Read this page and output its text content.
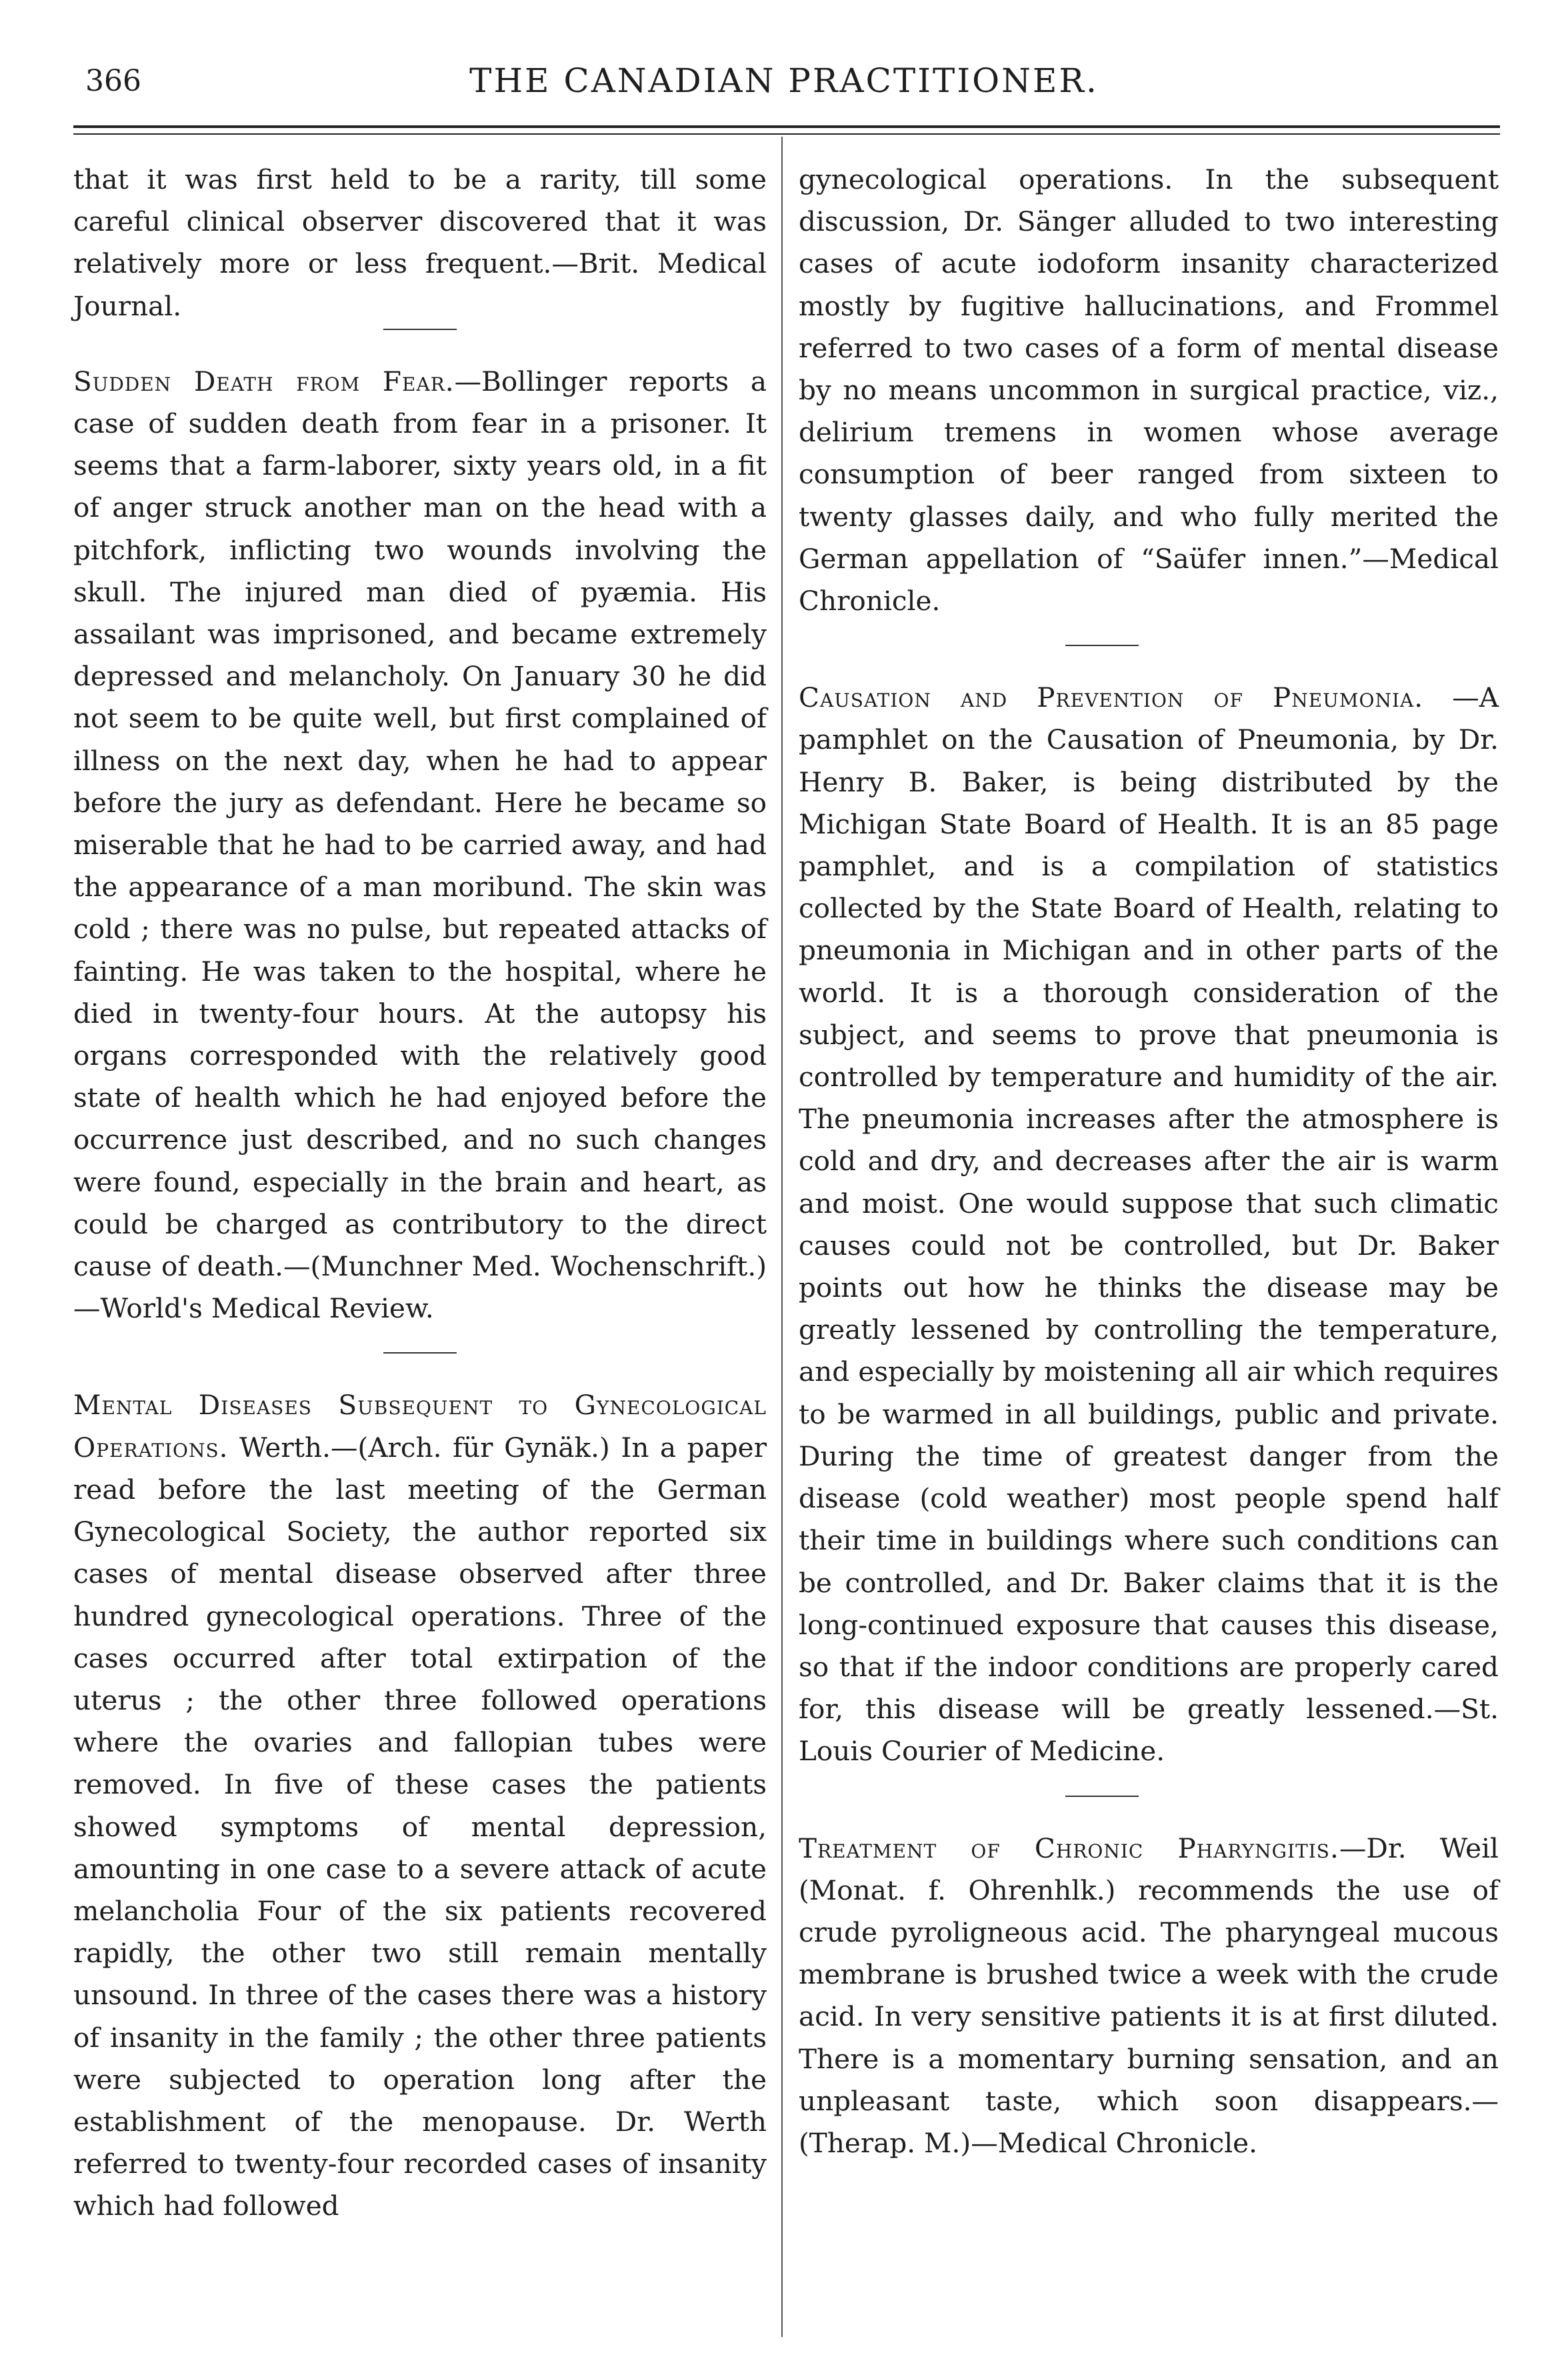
366	THE CANADIAN PRACTITIONER.

that it was first held to be a rarity, till some careful clinical observer discovered that it was relatively more or less frequent.—Brit. Medical Journal.

Sudden Death from Fear.—Bollinger reports a case of sudden death from fear in a prisoner. It seems that a farm-laborer, sixty years old, in a fit of anger struck another man on the head with a pitchfork, inflicting two wounds involving the skull. The injured man died of pyæmia. His assailant was imprisoned, and became extremely depressed and melancholy. On January 30 he did not seem to be quite well, but first complained of illness on the next day, when he had to appear before the jury as defendant. Here he became so miserable that he had to be carried away, and had the appearance of a man moribund. The skin was cold ; there was no pulse, but repeated attacks of fainting. He was taken to the hospital, where he died in twenty-four hours. At the autopsy his organs corresponded with the relatively good state of health which he had enjoyed before the occurrence just described, and no such changes were found, especially in the brain and heart, as could be charged as contributory to the direct cause of death.—(Munchner Med. Wochenschrift.)—World's Medical Review.

Mental Diseases Subsequent to Gynecological Operations. Werth.—(Arch. für Gynäk.) In a paper read before the last meeting of the German Gynecological Society, the author reported six cases of mental disease observed after three hundred gynecological operations. Three of the cases occurred after total extirpation of the uterus ; the other three followed operations where the ovaries and fallopian tubes were removed. In five of these cases the patients showed symptoms of mental depression, amounting in one case to a severe attack of acute melancholia Four of the six patients recovered rapidly, the other two still remain mentally unsound. In three of the cases there was a history of insanity in the family ; the other three patients were subjected to operation long after the establishment of the menopause. Dr. Werth referred to twenty-four recorded cases of insanity which had followed

gynecological operations. In the subsequent discussion, Dr. Sänger alluded to two interesting cases of acute iodoform insanity characterized mostly by fugitive hallucinations, and Frommel referred to two cases of a form of mental disease by no means uncommon in surgical practice, viz., delirium tremens in women whose average consumption of beer ranged from sixteen to twenty glasses daily, and who fully merited the German appellation of “Saüfer innen.”—Medical Chronicle.

Causation and Prevention of Pneumonia. —A pamphlet on the Causation of Pneumonia, by Dr. Henry B. Baker, is being distributed by the Michigan State Board of Health. It is an 85 page pamphlet, and is a compilation of statistics collected by the State Board of Health, relating to pneumonia in Michigan and in other parts of the world. It is a thorough consideration of the subject, and seems to prove that pneumonia is controlled by temperature and humidity of the air. The pneumonia increases after the atmosphere is cold and dry, and decreases after the air is warm and moist. One would suppose that such climatic causes could not be controlled, but Dr. Baker points out how he thinks the disease may be greatly lessened by controlling the temperature, and especially by moistening all air which requires to be warmed in all buildings, public and private. During the time of greatest danger from the disease (cold weather) most people spend half their time in buildings where such conditions can be controlled, and Dr. Baker claims that it is the long-continued exposure that causes this disease, so that if the indoor conditions are properly cared for, this disease will be greatly lessened.—St. Louis Courier of Medicine.

Treatment of Chronic Pharyngitis.—Dr. Weil (Monat. f. Ohrenhlk.) recommends the use of crude pyroligneous acid. The pharyngeal mucous membrane is brushed twice a week with the crude acid. In very sensitive patients it is at first diluted. There is a momentary burning sensation, and an unpleasant taste, which soon disappears.—(Therap. M.)—Medical Chronicle.
